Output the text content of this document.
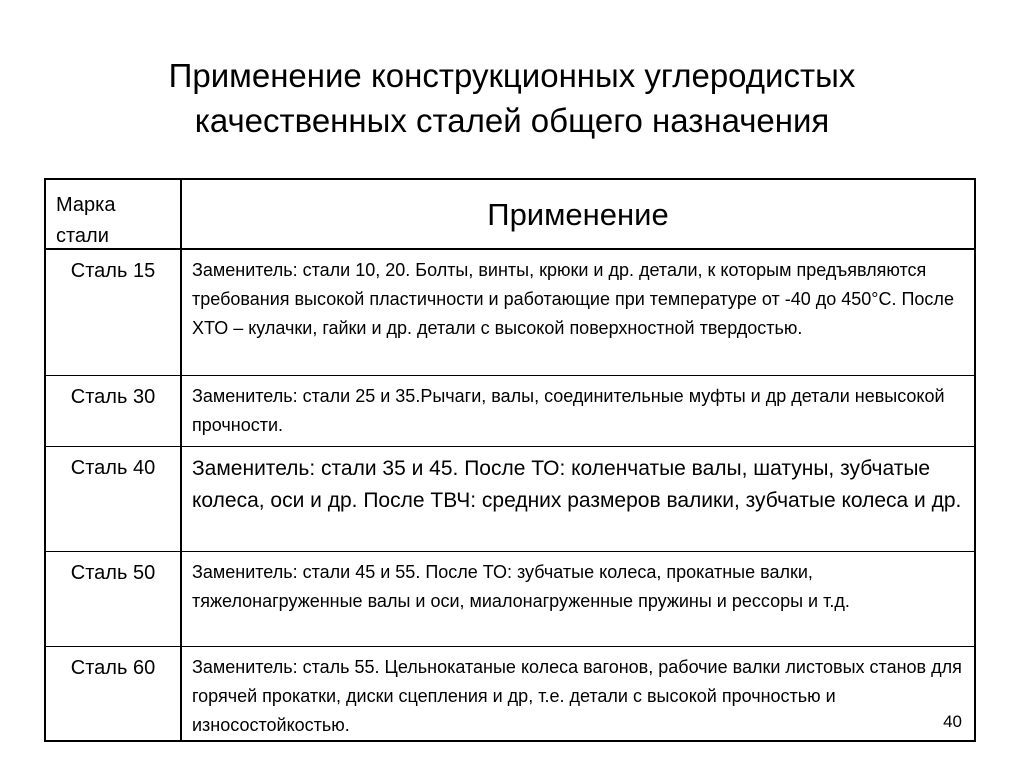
Применение конструкционных углеродистых
качественных сталей общего назначения
Марка
стали	Применение

Сталь 15	Заменитель: стали 10, 20. Болты, винты, крюки и др. детали, к которым предъявляются требования высокой пластичности и работающие при температуре от -40 до 450°С. После ХТО – кулачки, гайки и др. детали с высокой поверхностной твердостью.

Сталь 30	Заменитель: стали 25 и 35.Рычаги, валы, соединительные муфты и др детали невысокой прочности.

Сталь 40	Заменитель: стали 35 и 45. После ТО: коленчатые валы, шатуны, зубчатые колеса, оси и др. После ТВЧ: средних размеров валики, зубчатые колеса и др.

Сталь 50	Заменитель: стали 45 и 55. После ТО: зубчатые колеса, прокатные валки, тяжелонагруженные валы и оси, миалонагруженные пружины и рессоры и т.д.

Сталь 60	Заменитель: сталь 55. Цельнокатаные колеса вагонов, рабочие валки листовых станов для горячей прокатки, диски сцепления и др, т.е. детали с высокой прочностью и износостойкостью. 40
